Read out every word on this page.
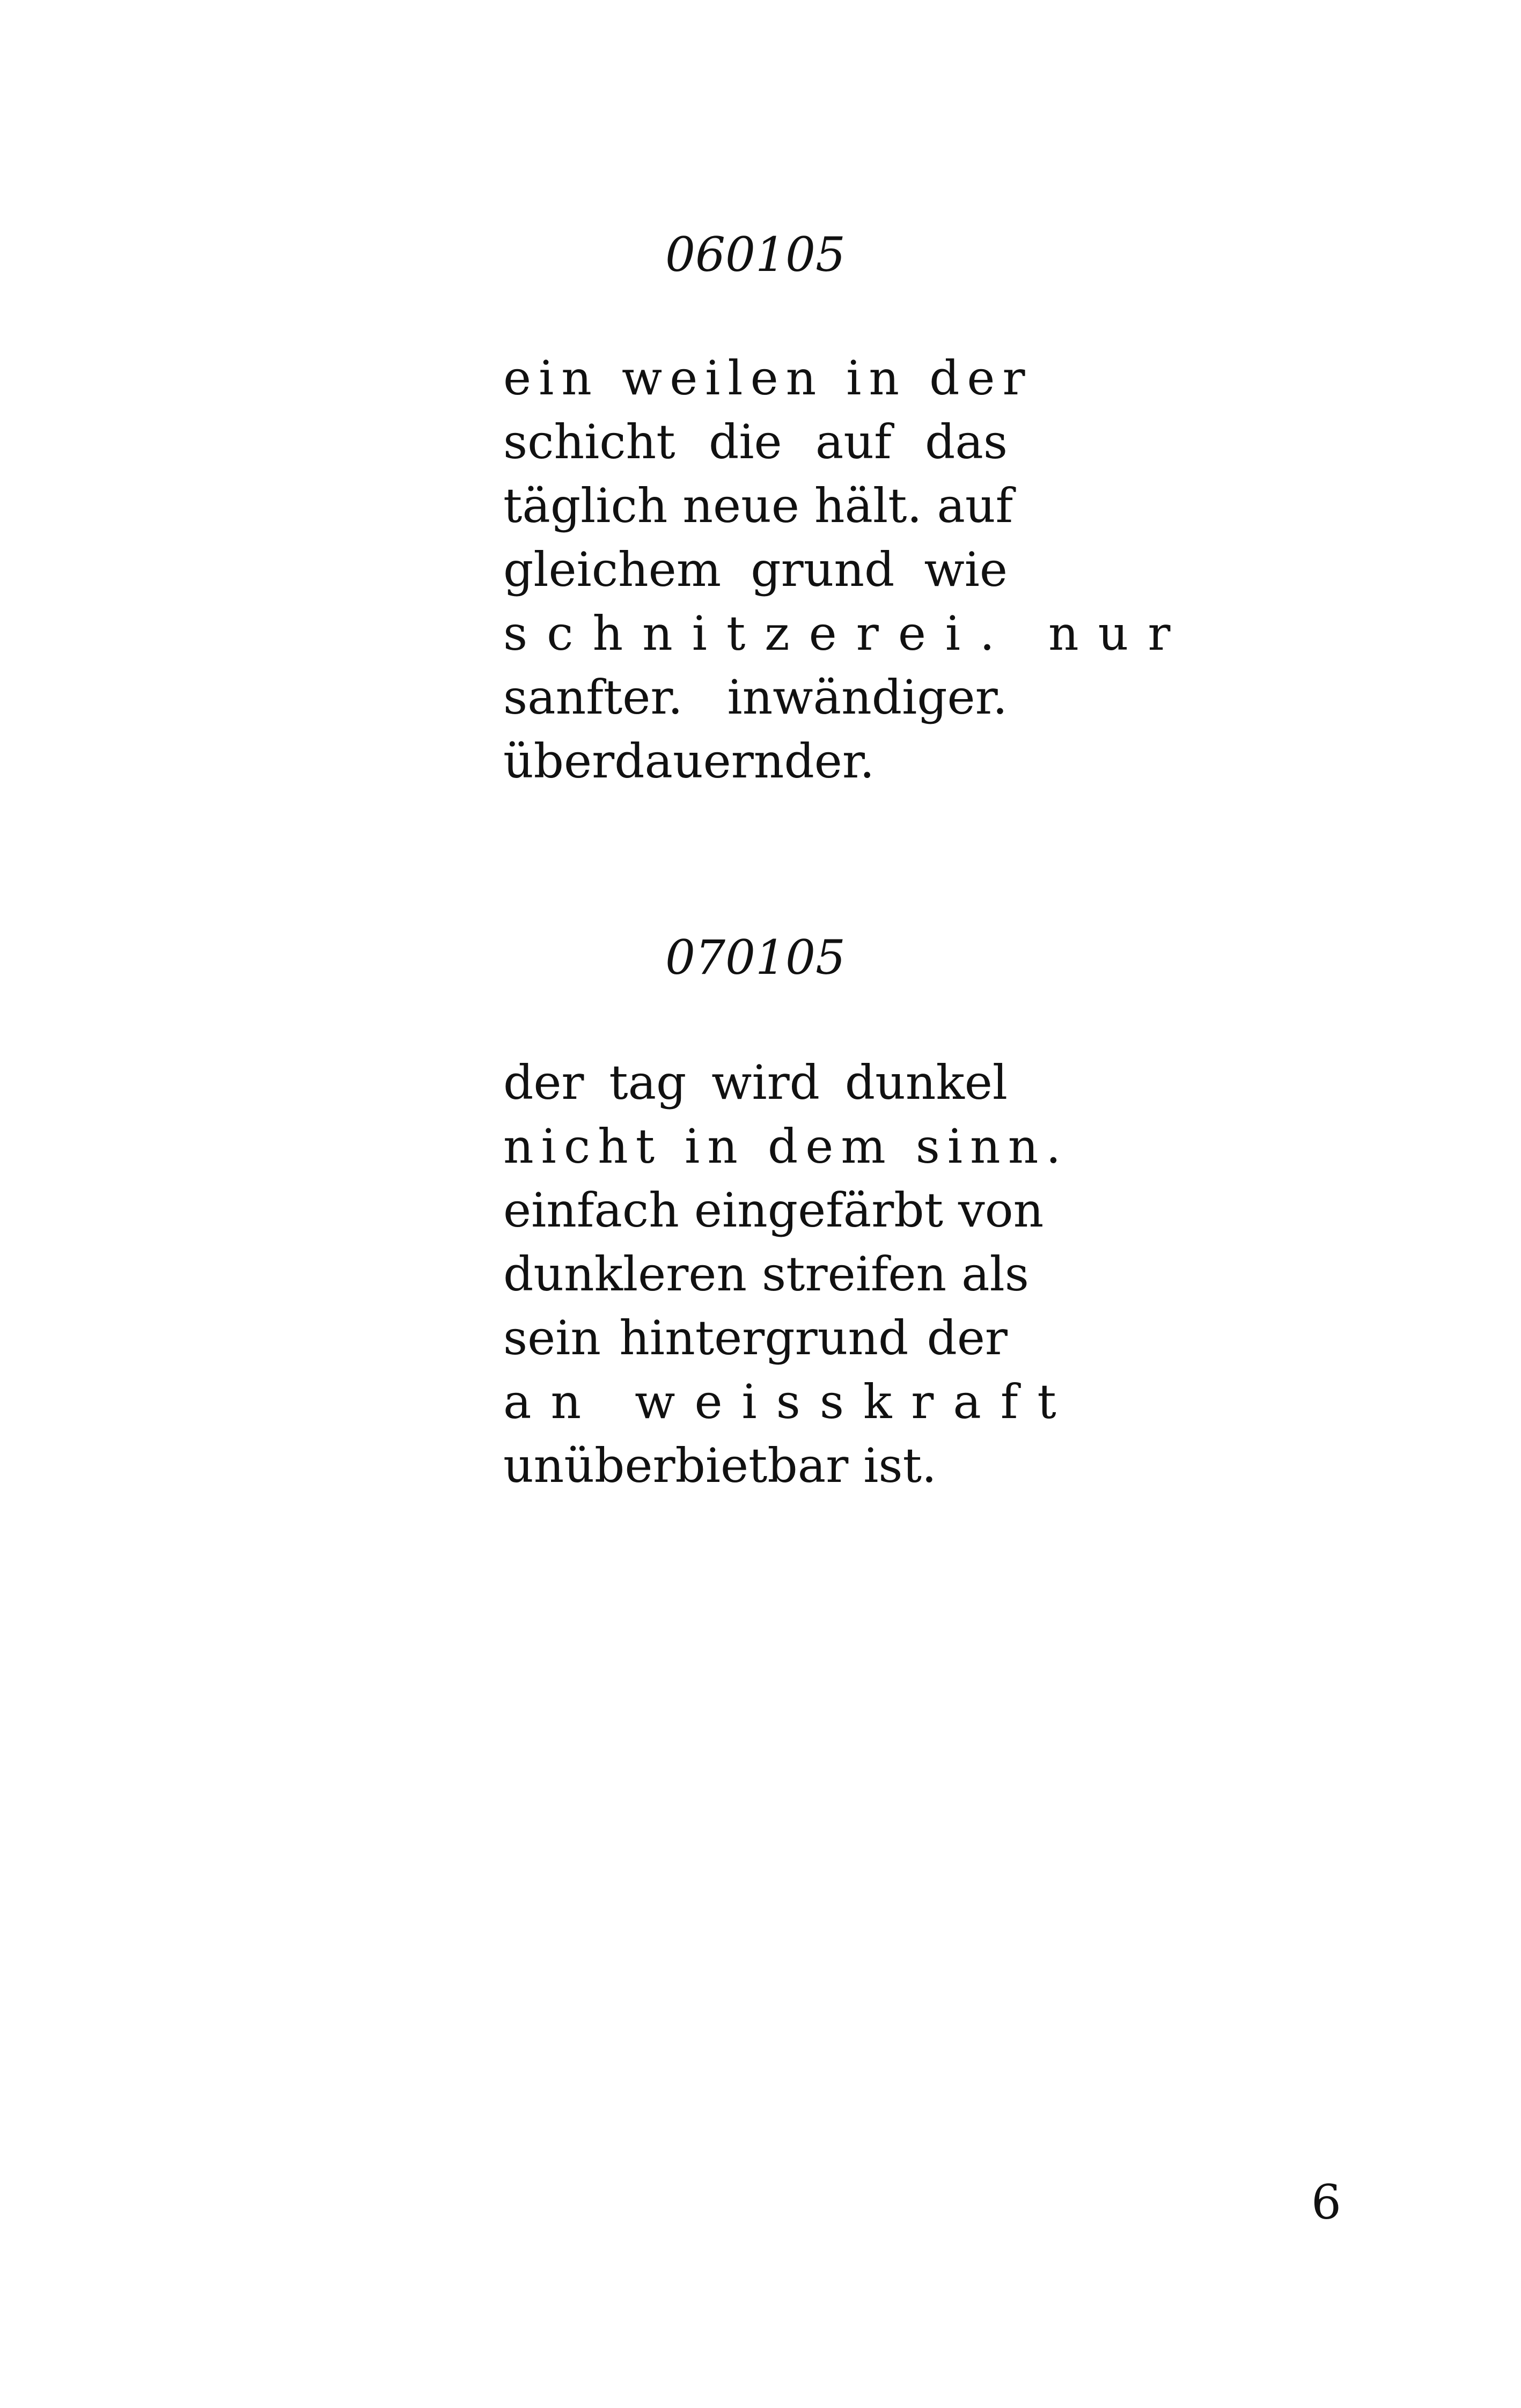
060105
ein weilen in der
schicht die auf das
täglich neue hält. auf
gleichem grund wie
schnitzerei. nur
sanfter. inwändiger.
überdauernder.
070105
der tag wird dunkel
nicht in dem sinn.
einfach eingefärbt von
dunkleren streifen als
sein hintergrund der
an weisskraft
unüberbietbar ist.

6
